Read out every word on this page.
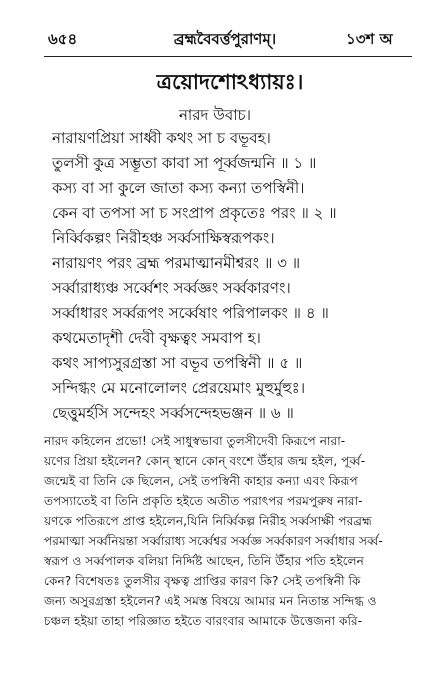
৬৫৪	ব্রহ্মবৈবর্ত্তপুরাণম্‌।	১৩শ অ
ত্রয়োদশোঽধ্যায়ঃ।
নারদ উবাচ।
নারায়ণপ্রিয়া সাধ্বী কথং সা চ বভূবহ।
তুলসী কুত্র সম্ভূতা কাবা সা পূর্ব্বজন্মনি ॥ ১ ॥
কস্য বা সা কুলে জাতা কস্য কন্যা তপস্বিনী।
কেন বা তপসা সা চ সংপ্রাপ প্রকৃতেঃ পরং ॥ ২ ॥
নির্ব্বিকল্পং নিরীহঞ্চ সর্ব্বসাক্ষিস্বরূপকং।
নারায়ণং পরং ব্রহ্ম পরমাত্মানমীশ্বরং ॥ ৩ ॥
সর্ব্বারাধ্যঞ্চ সর্ব্বেশং সর্ব্বজ্ঞং সর্ব্বকারণং।
সর্ব্বাধারং সর্ব্বরূপং সর্ব্বেষাং পরিপালকং ॥ ৪ ॥
কথমেতাদৃশী দেবী বৃক্ষত্বং সমবাপ হ।
কথং সাপ্যসুরগ্রস্তা সা বভূব তপস্বিনী ॥ ৫ ॥
সন্দিগ্ধং মে মনোলোলং প্রেরয়েমাং মুহুর্মুহুঃ।
ছেত্তুমর্হসি সন্দেহং সর্ব্বসন্দেহভঞ্জন ॥ ৬ ॥
নারদ কহিলেন প্রভো! সেই সাধুস্বভাবা তুলসীদেবী কিরূপে নারা-
য়ণের প্রিয়া হইলেন? কোন্‌ স্থানে কোন্‌ বংশে উঁহার জন্ম হইল, পূর্ব্ব-
জন্মেই বা তিনি কে ছিলেন, সেই তপস্বিনী কাহার কন্যা এবং কিরূপ
তপস্যাতেই বা তিনি প্রকৃতি হইতে অতীত পরাৎপর পরমপুরুষ নারা-
য়ণকে পতিরূপে প্রাপ্ত হইলেন,যিনি নির্ব্বিকল্প নিরীহ সর্ব্বসাক্ষী পরব্রহ্ম
পরমাত্মা সর্ব্বনিয়ন্তা সর্ব্বারাধ্য সর্ব্বেশ্বর সর্ব্বজ্ঞ সর্ব্বকারণ সর্ব্বাধার সর্ব্ব-
স্বরূপ ও সর্ব্বপালক বলিয়া নির্দ্দিষ্ট আছেন, তিনি উঁহার পতি হইলেন
কেন? বিশেষতঃ তুলসীর বৃক্ষত্ব প্রাপ্তির কারণ কি? সেই তপস্বিনী কি
জন্য অসুরগ্রস্তা হইলেন? এই সমস্ত বিষয়ে আমার মন নিতান্ত সন্দিগ্ধ ও
চঞ্চল হইয়া তাহা পরিজ্ঞাত হইতে বারংবার আমাকে উত্তেজনা করি-
